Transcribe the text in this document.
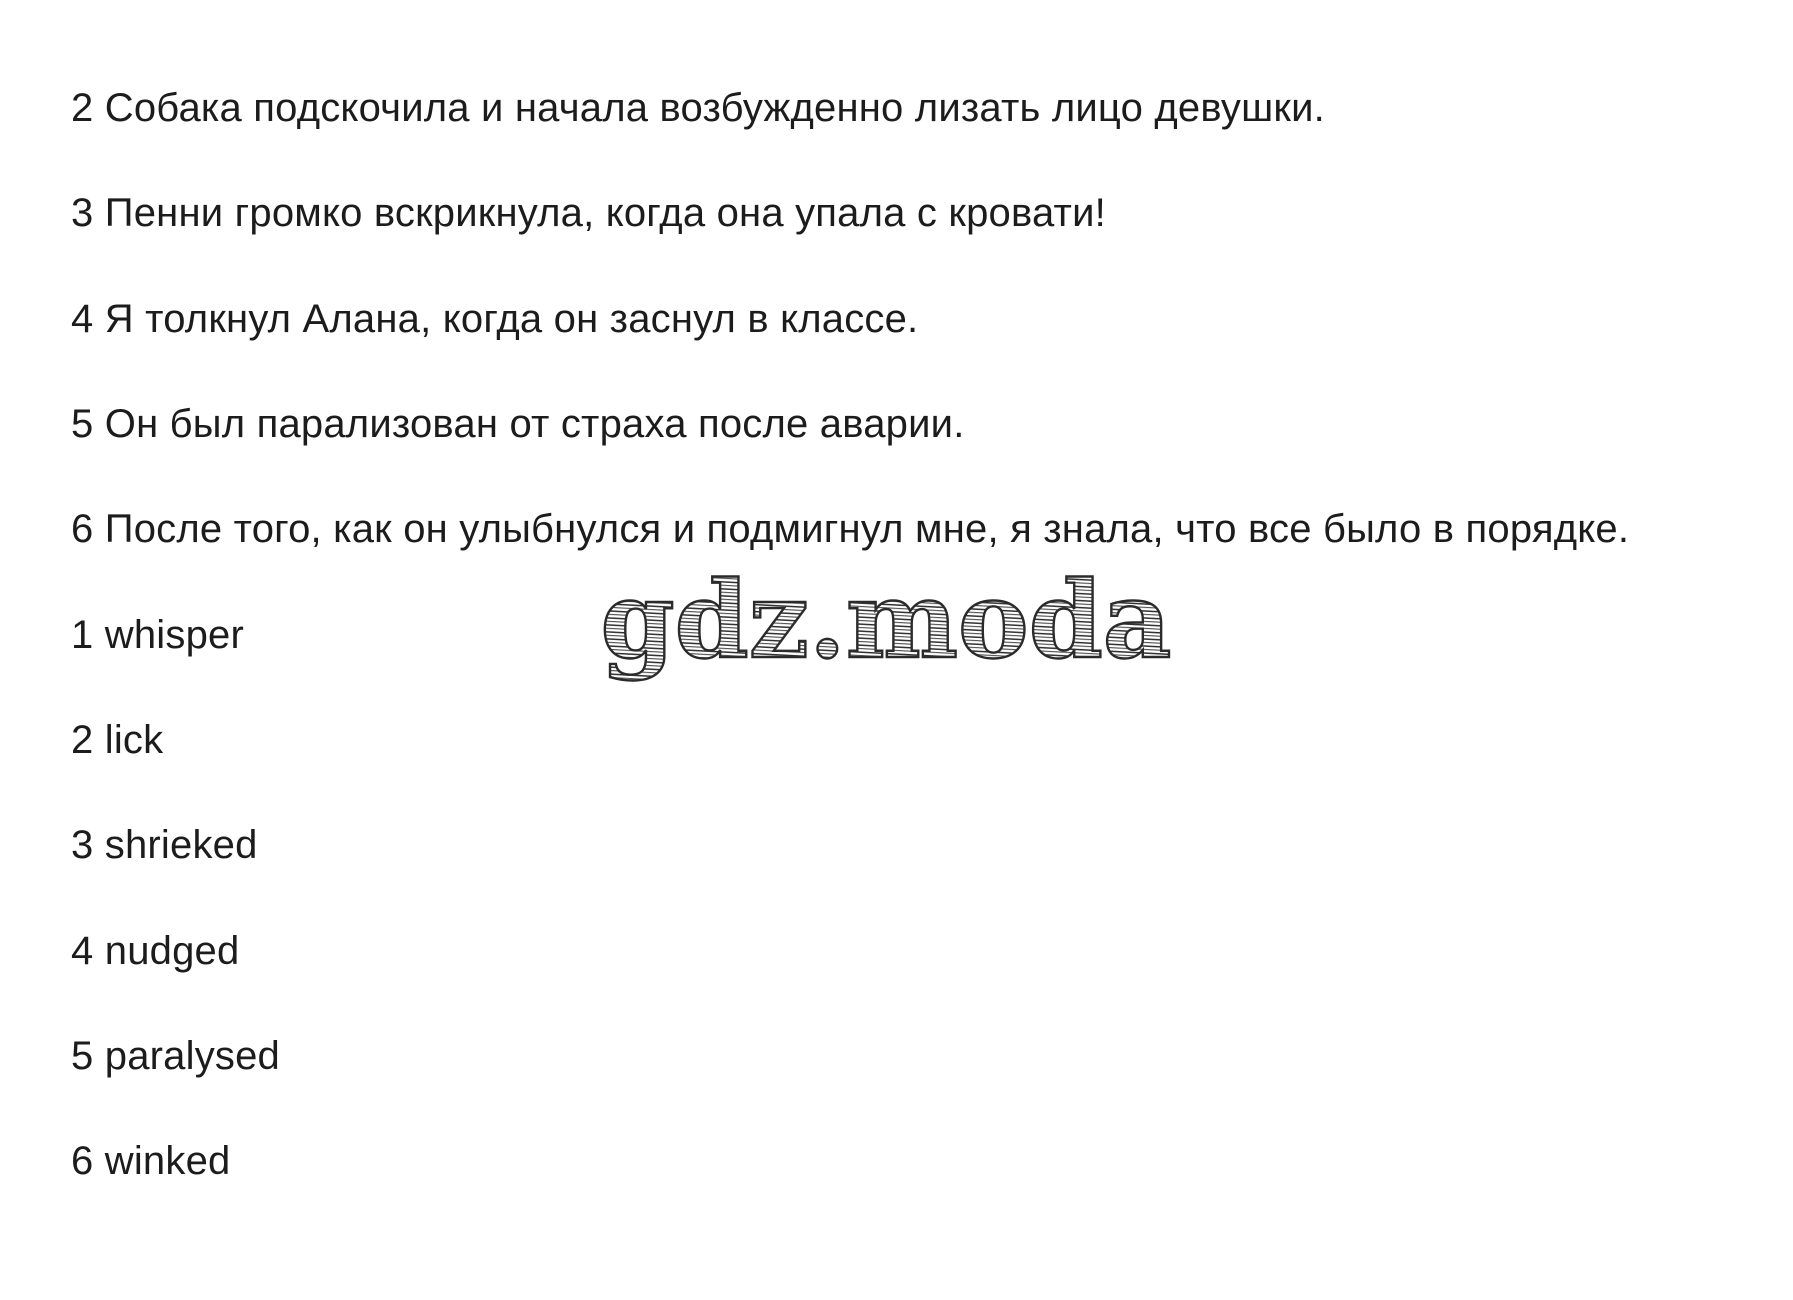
2 Собака подскочила и начала возбужденно лизать лицо девушки.
3 Пенни громко вскрикнула, когда она упала с кровати!
4 Я толкнул Алана, когда он заснул в классе.
5 Он был парализован от страха после аварии.
6 После того, как он улыбнулся и подмигнул мне, я знала, что все было в порядке.
1 whisper
2 lick
3 shrieked
4 nudged
5 paralysed
6 winked
gdz.moda
